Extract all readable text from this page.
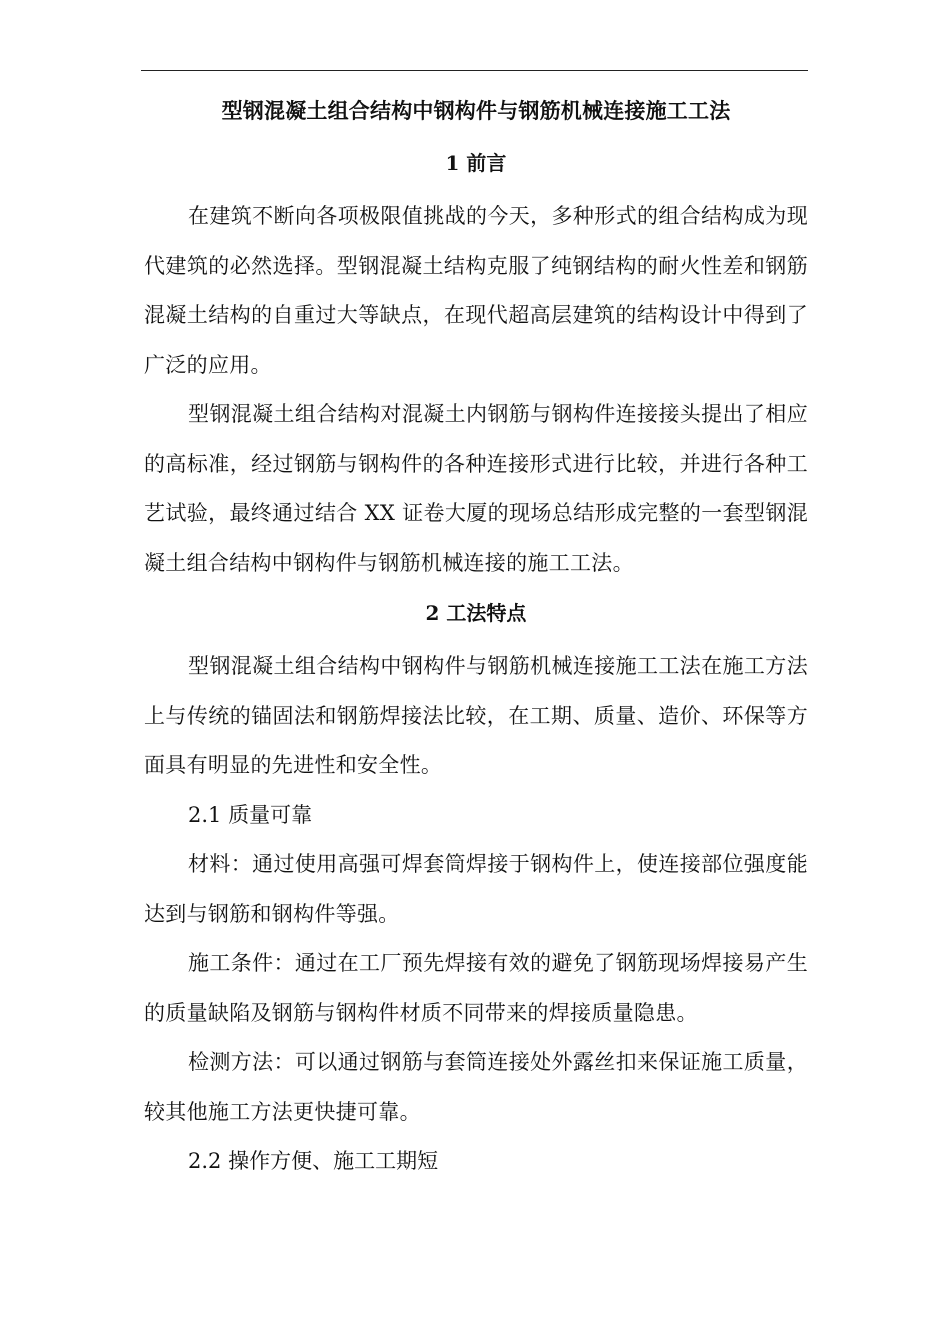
型钢混凝土组合结构中钢构件与钢筋机械连接施工工法
1 前言

在建筑不断向各项极限值挑战的今天，多种形式的组合结构成为现代建筑的必然选择。型钢混凝土结构克服了纯钢结构的耐火性差和钢筋混凝土结构的自重过大等缺点，在现代超高层建筑的结构设计中得到了广泛的应用。

型钢混凝土组合结构对混凝土内钢筋与钢构件连接接头提出了相应的高标准，经过钢筋与钢构件的各种连接形式进行比较，并进行各种工艺试验，最终通过结合 XX 证卷大厦的现场总结形成完整的一套型钢混凝土组合结构中钢构件与钢筋机械连接的施工工法。

2 工法特点

型钢混凝土组合结构中钢构件与钢筋机械连接施工工法在施工方法上与传统的锚固法和钢筋焊接法比较，在工期、质量、造价、环保等方面具有明显的先进性和安全性。

2.1 质量可靠

材料：通过使用高强可焊套筒焊接于钢构件上，使连接部位强度能达到与钢筋和钢构件等强。

施工条件：通过在工厂预先焊接有效的避免了钢筋现场焊接易产生的质量缺陷及钢筋与钢构件材质不同带来的焊接质量隐患。

检测方法：可以通过钢筋与套筒连接处外露丝扣来保证施工质量，较其他施工方法更快捷可靠。

2.2 操作方便、施工工期短
